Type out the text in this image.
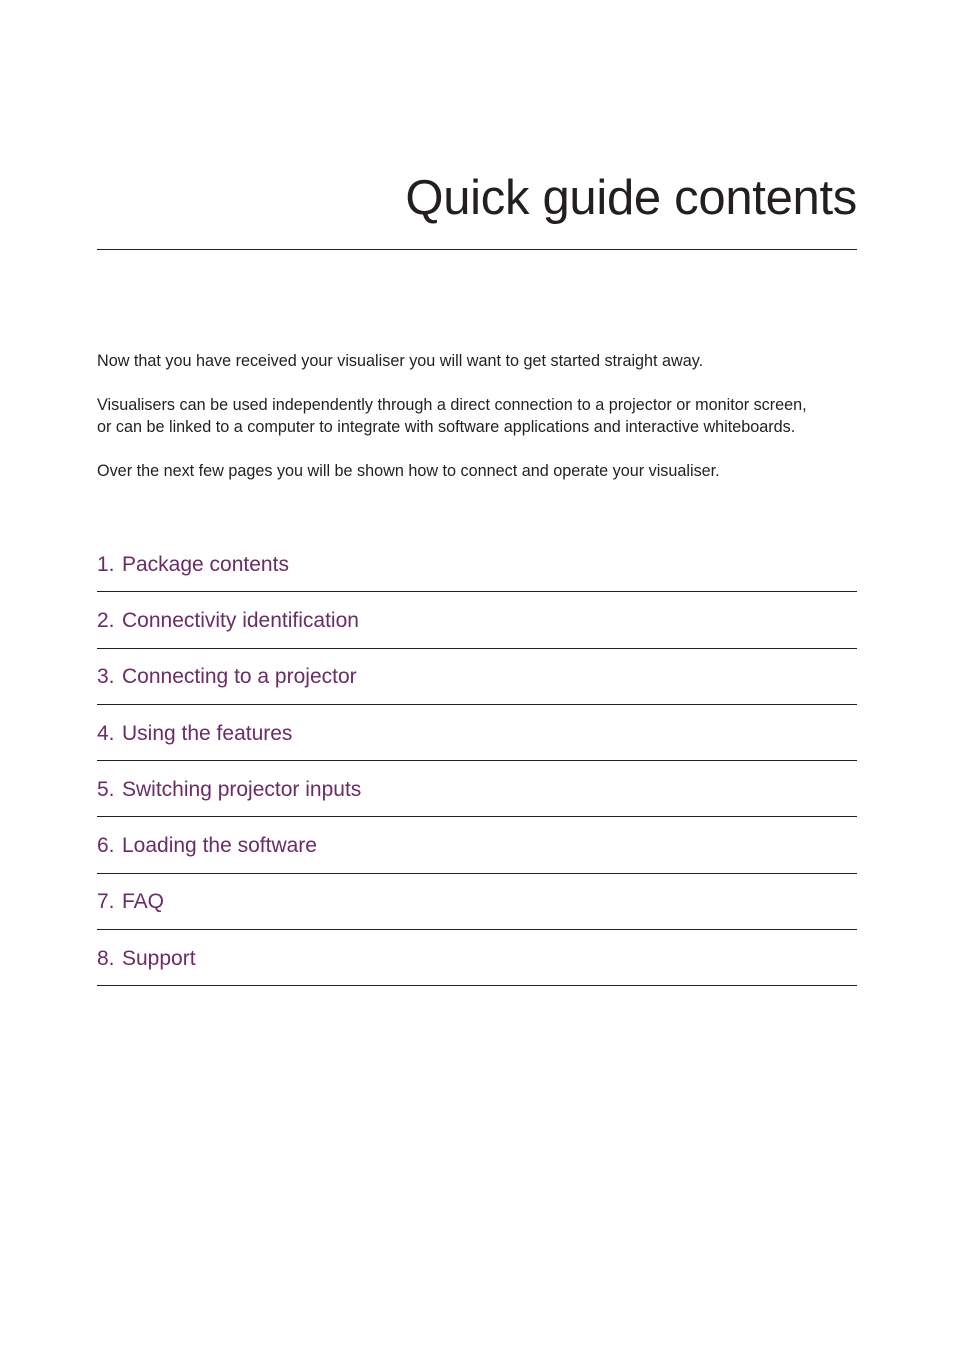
Quick guide contents

Now that you have received your visualiser you will want to get started straight away.

Visualisers can be used independently through a direct connection to a projector or monitor screen,
or can be linked to a computer to integrate with software applications and interactive whiteboards.

Over the next few pages you will be shown how to connect and operate your visualiser.

1. Package contents
2. Connectivity identification
3. Connecting to a projector
4. Using the features
5. Switching projector inputs
6. Loading the software
7. FAQ
8. Support
